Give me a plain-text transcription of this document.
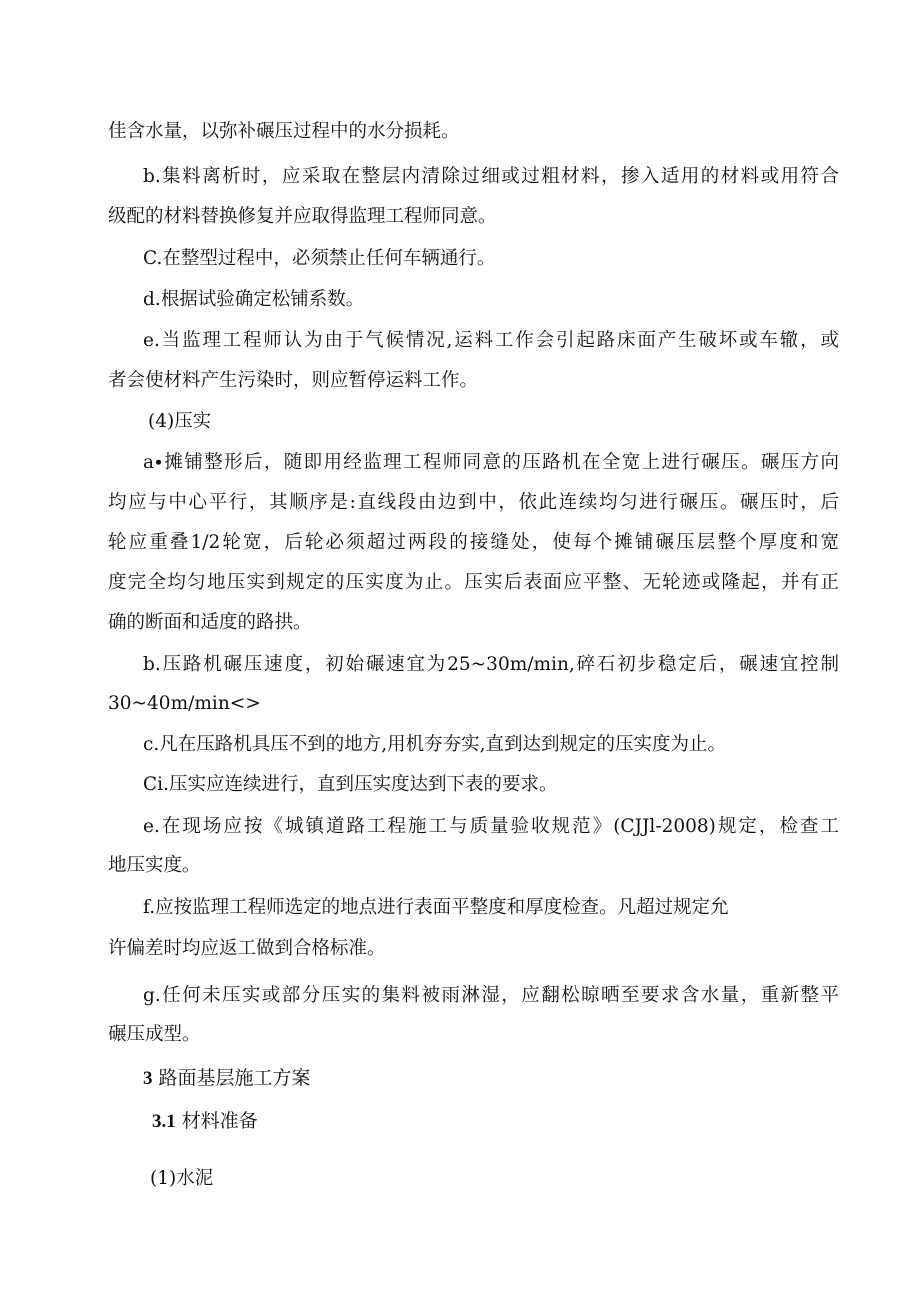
佳含水量，以弥补碾压过程中的水分损耗。
b.集料离析时，应采取在整层内清除过细或过粗材料，掺入适用的材料或用符合
级配的材料替换修复并应取得监理工程师同意。
C.在整型过程中，必须禁止任何车辆通行。
d.根据试验确定松铺系数。
e.当监理工程师认为由于气候情况,运料工作会引起路床面产生破坏或车辙，或
者会使材料产生污染时，则应暂停运料工作。
(4)压实
a∙摊铺整形后，随即用经监理工程师同意的压路机在全宽上进行碾压。碾压方向
均应与中心平行，其顺序是:直线段由边到中，依此连续均匀进行碾压。碾压时，后
轮应重叠1/2轮宽，后轮必须超过两段的接缝处，使每个摊铺碾压层整个厚度和宽
度完全均匀地压实到规定的压实度为止。压实后表面应平整、无轮迹或隆起，并有正
确的断面和适度的路拱。
b.压路机碾压速度，初始碾速宜为25~30m∕min,碎石初步稳定后，碾速宜控制
30~40m∕min<>
c.凡在压路机具压不到的地方,用机夯夯实,直到达到规定的压实度为止。
Ci.压实应连续进行，直到压实度达到下表的要求。
e.在现场应按《城镇道路工程施工与质量验收规范》(CJJl-2008)规定，检查工
地压实度。
f.应按监理工程师选定的地点进行表面平整度和厚度检查。凡超过规定允
许偏差时均应返工做到合格标准。
g.任何未压实或部分压实的集料被雨淋湿，应翻松晾晒至要求含水量，重新整平
碾压成型。
3 路面基层施工方案
3.1 材料准备
(1)水泥
